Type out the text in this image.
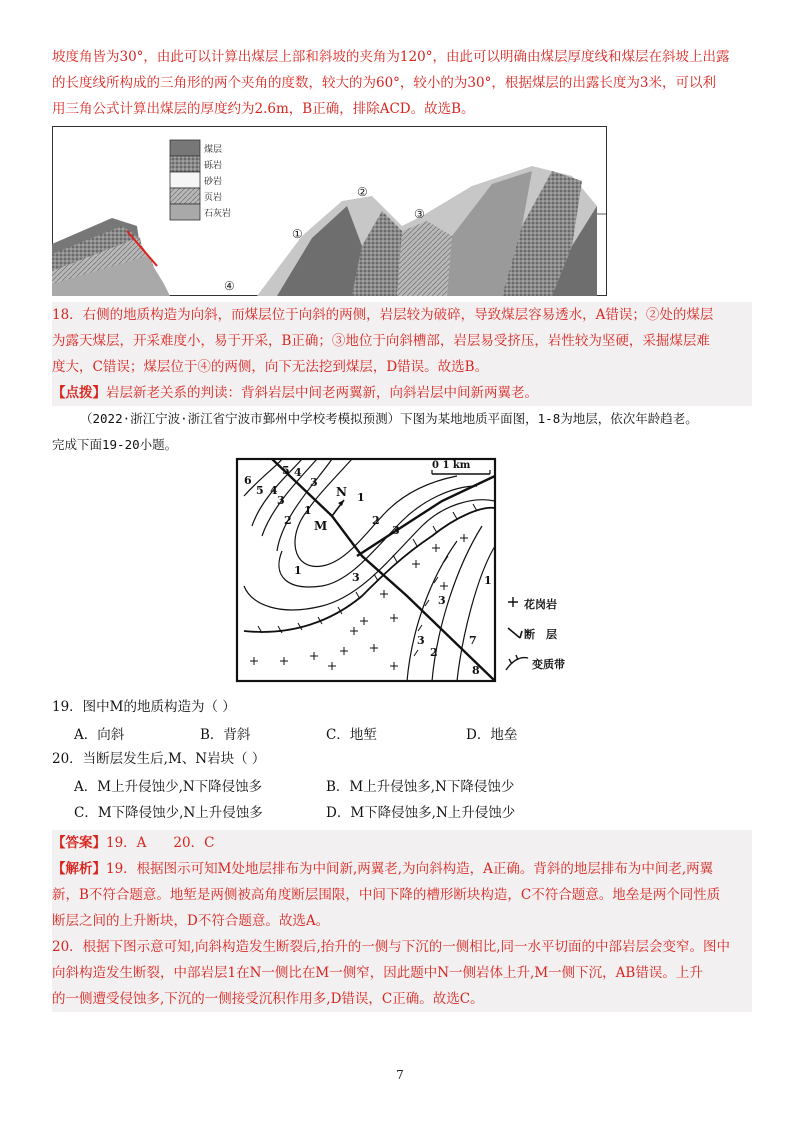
坡度角皆为30°，由此可以计算出煤层上部和斜坡的夹角为120°，由此可以明确由煤层厚度线和煤层在斜坡上出露
的长度线所构成的三角形的两个夹角的度数，较大的为60°，较小的为30°，根据煤层的出露长度为3米，可以利
用三角公式计算出煤层的厚度约为2.6m，B正确，排除ACD。故选B。
煤层
砾岩
砂岩
页岩
石灰岩
①
②
③
④
18．右侧的地质构造为向斜，而煤层位于向斜的两侧，岩层较为破碎，导致煤层容易透水，A错误；②处的煤层
为露天煤层，开采难度小，易于开采，B正确；③地位于向斜槽部，岩层易受挤压，岩性较为坚硬，采掘煤层难
度大，C错误；煤层位于④的两侧，向下无法挖到煤层，D错误。故选B。
【点拨】岩层新老关系的判读：背斜岩层中间老两翼新，向斜岩层中间新两翼老。
（2022·浙江宁波·浙江省宁波市鄞州中学校考模拟预测）下图为某地地质平面图，1-8为地层，依次年龄趋老。
完成下面19-20小题。
0 1 km
1
1
1
1
2	2
2
3
3
3
3
3
3
4
4
5
5
6
7
8
M
N
花岗岩
断　层
变质带
19．图中M的地质构造为（ ）
A．向斜	B．背斜	C．地堑	D．地垒
20．当断层发生后,M、N岩块（ ）
A．M上升侵蚀少,N下降侵蚀多	B．M上升侵蚀多,N下降侵蚀少
C．M下降侵蚀少,N上升侵蚀多	D．M下降侵蚀多,N上升侵蚀少
【答案】19．A　　20．C
【解析】19．根据图示可知M处地层排布为中间新,两翼老,为向斜构造，A正确。背斜的地层排布为中间老,两翼
新，B不符合题意。地堑是两侧被高角度断层围限，中间下降的槽形断块构造，C不符合题意。地垒是两个同性质
断层之间的上升断块，D不符合题意。故选A。
20．根据下图示意可知,向斜构造发生断裂后,抬升的一侧与下沉的一侧相比,同一水平切面的中部岩层会变窄。图中
向斜构造发生断裂，中部岩层1在N一侧比在M一侧窄，因此题中N一侧岩体上升,M一侧下沉，AB错误。上升
的一侧遭受侵蚀多,下沉的一侧接受沉积作用多,D错误，C正确。故选C。
7
